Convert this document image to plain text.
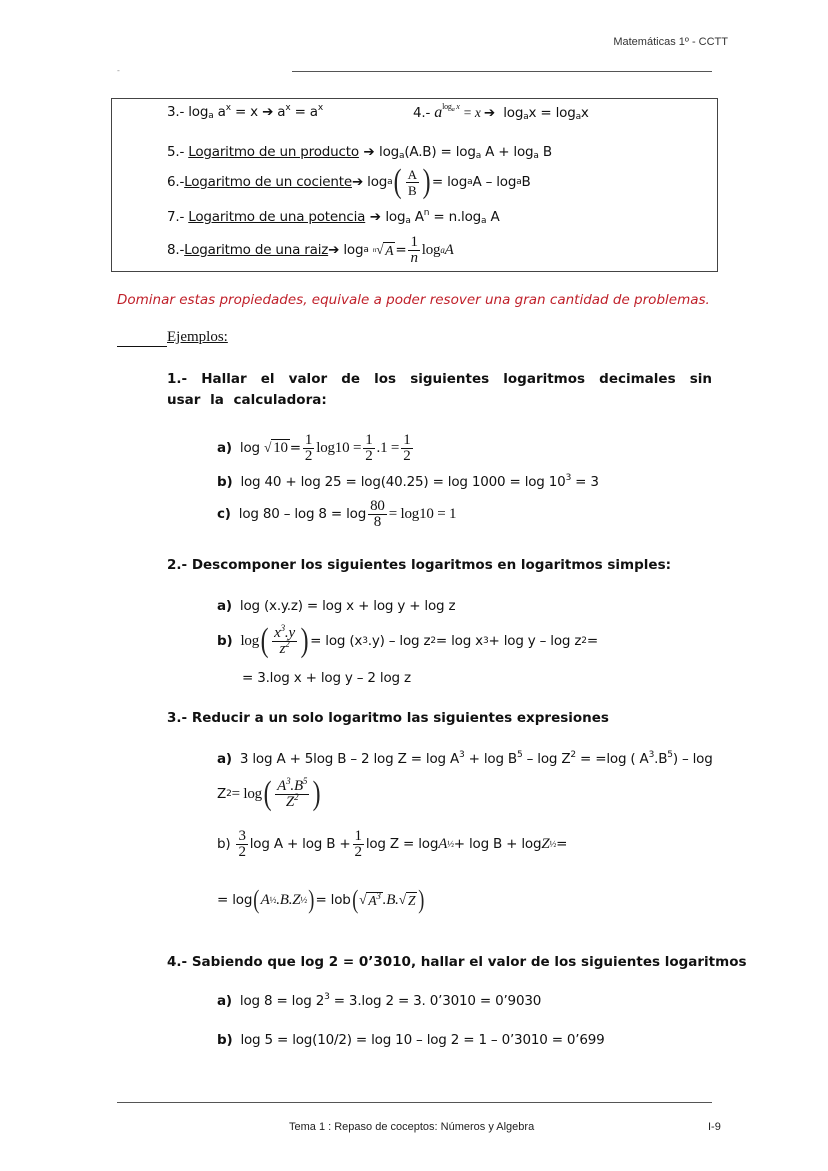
Matemáticas 1º - CCTT
-
3.- $\log_a a^x = x$ ➔ $a^x = a^x$	4.- $a^{log}_a$ $^x$ = x ➔ $\log_ax = \log_ax$
5.- Logaritmo de un producto ➔ $\log_a(A.B) = \log_a A + \log_a B$
6.- Logaritmo de un cociente ➔
log a ( $\frac{A}{B}$ ) = log a A – log a B
7.- Logaritmo de una potencia ➔ $\log_a A^n = n.\log_a$ A
8.- Logaritmo de una raiz ➔
log a
n √ $A = \frac{1}{n}$ log a A
Dominar estas propiedades, equivale a poder resover una gran cantidad de problemas.
Ejemplos:
1.- Hallar el valor de los siguientes logaritmos decimales sin usar la calculadora:
a) log
√ $10 = \frac{1}{2} \log 10 = \frac{1}{2} .1 = \frac{1}{2}$
b) $\log 40 + \log 25 = \log(40.25) = \log 1000 = \log 10^3 = 3$
c) $\log 80 - \log 8 = \log \frac{80}{8} = \log 10 = 1$
2.- Descomponer los siguientes logaritmos en logaritmos simples:
a) log (x.y.z) = log x + log y + log z
b) log ( $\frac{x^3.y}{z^2}$ ) = log (x 3 .y) – log z 2 = log x 3 + log y – log z 2 =
= 3.log x + log y – 2 log z
3.- Reducir a un solo logaritmo las siguientes expresiones
a) 3 log A + 5log B – 2 $\log Z = \log A^3 + \log B^5 - \log Z^2 = =\log$ ( $A^3.B^5$) – log
Z 2 = log ( $\frac{A^3.B^5}{Z^2}$ )
$b) \frac{3}{2}$ $\log A + \log B + \frac{1}{2}$ log Z = log A ½ + log B + log Z ½ =
= log ( A ½ .B.Z ½ ) = lob ( √ $A^3$ .B. √ Z )
4.- Sabiendo que log 2 = 0’3010, hallar el valor de los siguientes logaritmos
a) $\log 8 = \log 2^3 = 3.\log$ 2 = 3. 0’3010 = 0’9030
b) log 5 = log(10/2) = log 10 – log 2 = 1 – 0’3010 = 0’699
Tema 1 : Repaso de coceptos: Números y Algebra	I-9
